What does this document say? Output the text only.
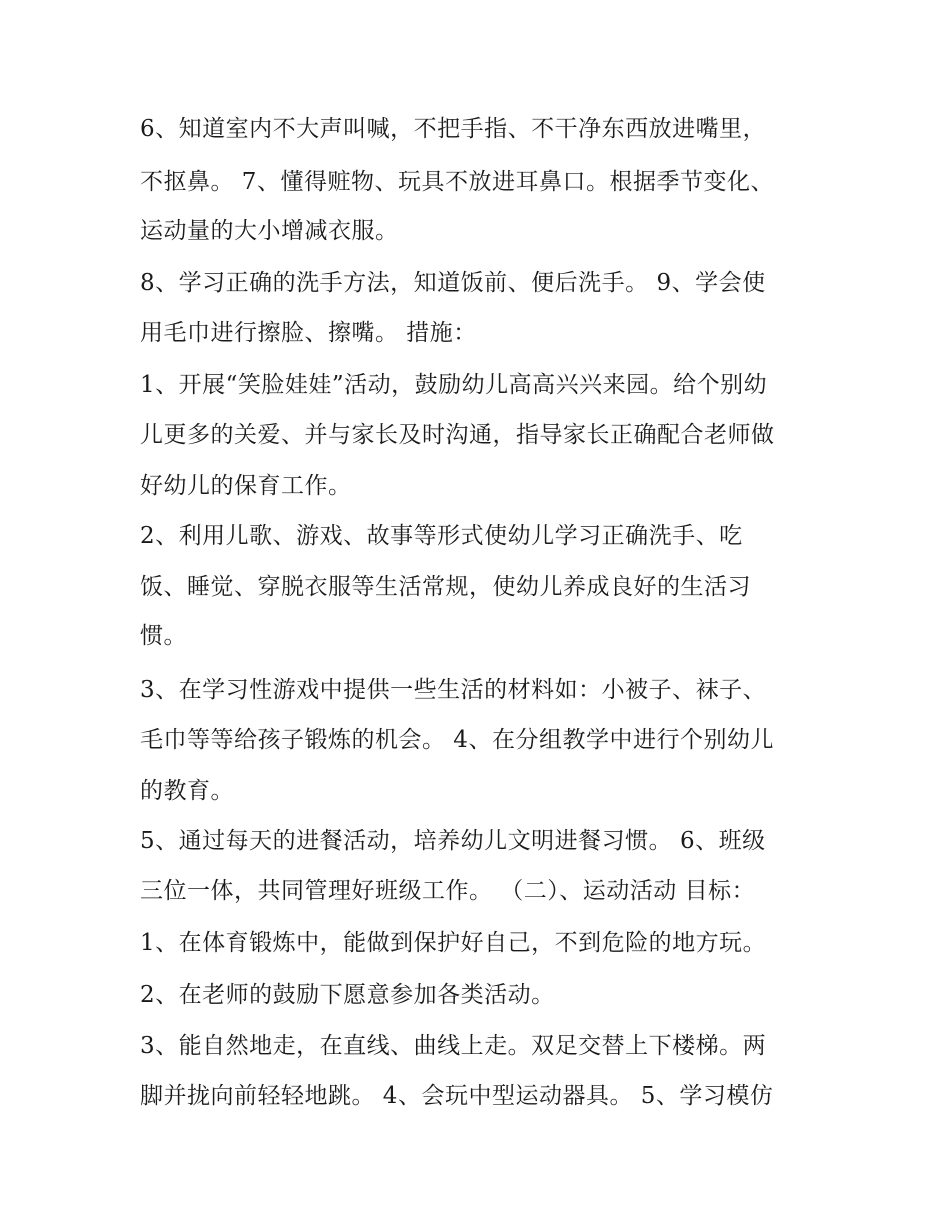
6、知道室内不大声叫喊，不把手指、不干净东西放进嘴里，
不抠鼻。 7、懂得赃物、玩具不放进耳鼻口。根据季节变化、
运动量的大小增减衣服。
8、学习正确的洗手方法，知道饭前、便后洗手。 9、学会使
用毛巾进行擦脸、擦嘴。 措施：
1、开展“笑脸娃娃”活动，鼓励幼儿高高兴兴来园。给个别幼
儿更多的关爱、并与家长及时沟通，指导家长正确配合老师做
好幼儿的保育工作。
2、利用儿歌、游戏、故事等形式使幼儿学习正确洗手、吃
饭、睡觉、穿脱衣服等生活常规，使幼儿养成良好的生活习
惯。
3、在学习性游戏中提供一些生活的材料如：小被子、袜子、
毛巾等等给孩子锻炼的机会。 4、在分组教学中进行个别幼儿
的教育。
5、通过每天的进餐活动，培养幼儿文明进餐习惯。 6、班级
三位一体，共同管理好班级工作。 （二）、运动活动 目标：
1、在体育锻炼中，能做到保护好自己，不到危险的地方玩。
2、在老师的鼓励下愿意参加各类活动。
3、能自然地走，在直线、曲线上走。双足交替上下楼梯。两
脚并拢向前轻轻地跳。 4、会玩中型运动器具。 5、学习模仿
